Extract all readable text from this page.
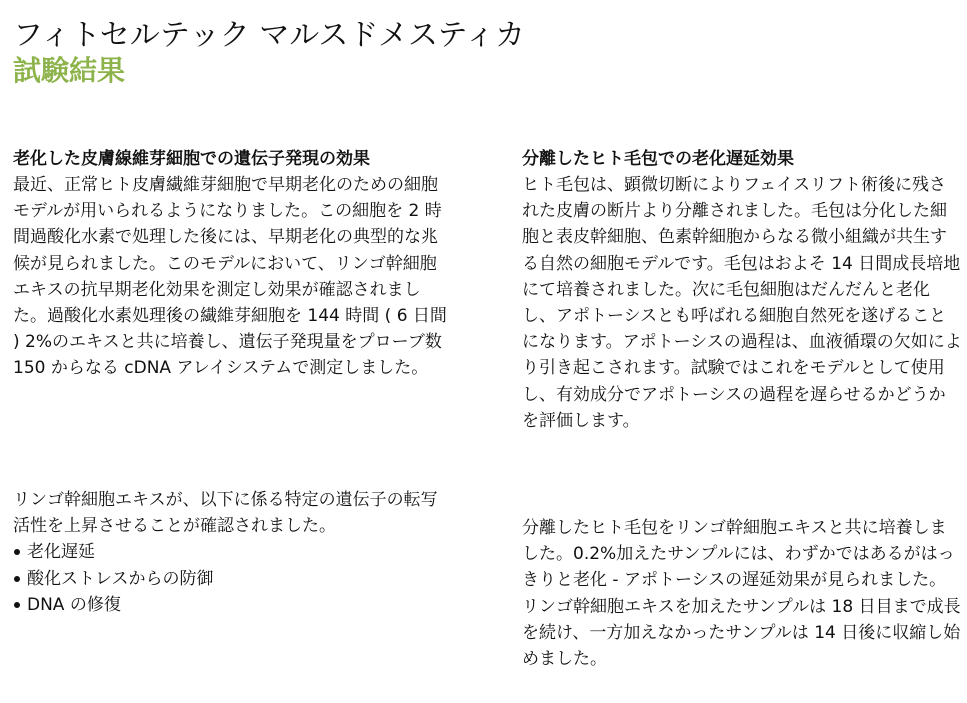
フィトセルテック マルスドメスティカ
試験結果

老化した皮膚線維芽細胞での遺伝子発現の効果

最近、正常ヒト皮膚繊維芽細胞で早期老化のための細胞モデルが用いられるようになりました。この細胞を 2 時間過酸化水素で処理した後には、早期老化の典型的な兆候が見られました。このモデルにおいて、リンゴ幹細胞エキスの抗早期老化効果を測定し効果が確認されました。過酸化水素処理後の繊維芽細胞を 144 時間 ( 6 日間 ) 2%のエキスと共に培養し、遺伝子発現量をプローブ数 150 からなる cDNA アレイシステムで測定しました。

リンゴ幹細胞エキスが、以下に係る特定の遺伝子の転写活性を上昇させることが確認されました。

老化遅延
酸化ストレスからの防御
DNA の修復

分離したヒト毛包での老化遅延効果

ヒト毛包は、顕微切断によりフェイスリフト術後に残された皮膚の断片より分離されました。毛包は分化した細胞と表皮幹細胞、色素幹細胞からなる微小組織が共生する自然の細胞モデルです。毛包はおよそ 14 日間成長培地にて培養されました。次に毛包細胞はだんだんと老化し、アポトーシスとも呼ばれる細胞自然死を遂げることになります。アポトーシスの過程は、血液循環の欠如により引き起こされます。試験ではこれをモデルとして使用し、有効成分でアポトーシスの過程を遅らせるかどうかを評価します。

分離したヒト毛包をリンゴ幹細胞エキスと共に培養しました。0.2%加えたサンプルには、わずかではあるがはっきりと老化 - アポトーシスの遅延効果が見られました。リンゴ幹細胞エキスを加えたサンプルは 18 日目まで成長を続け、一方加えなかったサンプルは 14 日後に収縮し始めました。
